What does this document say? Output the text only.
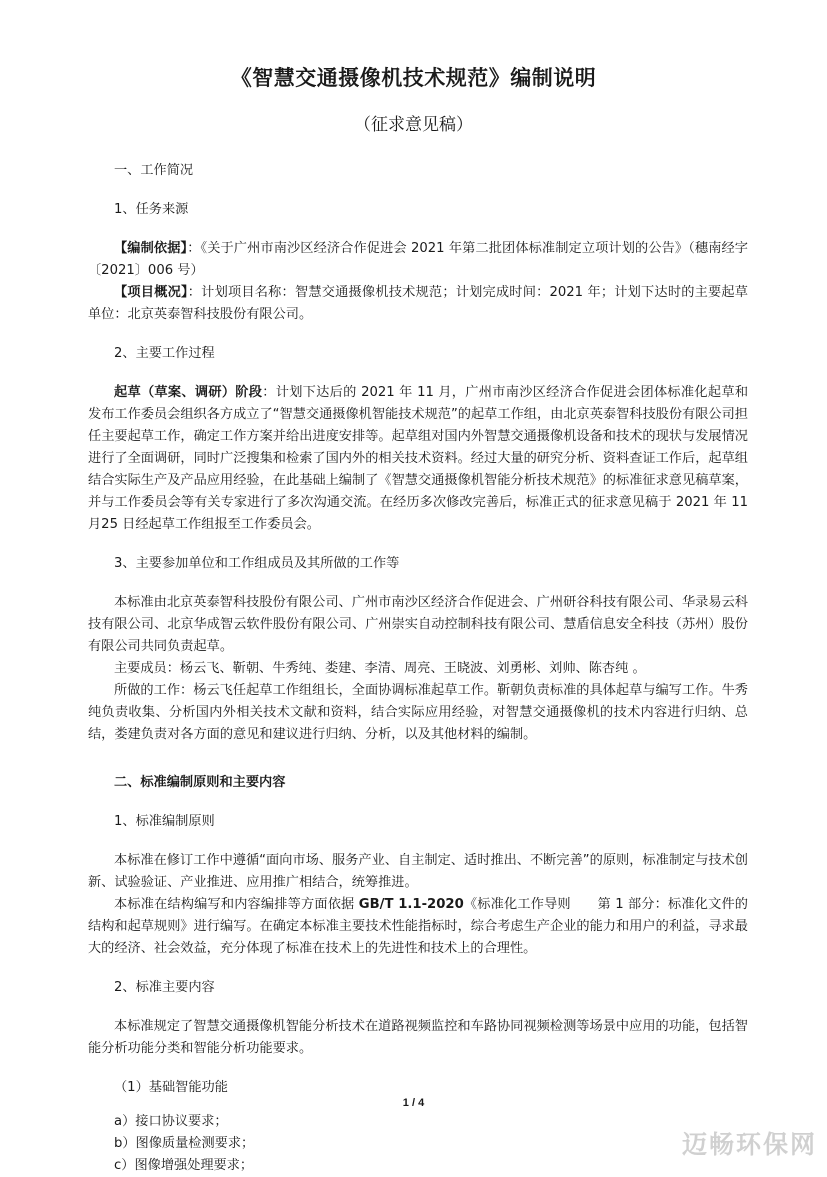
《智慧交通摄像机技术规范》编制说明
（征求意见稿）

一、工作简况

1、任务来源

【编制依据】：《关于广州市南沙区经济合作促进会 2021 年第二批团体标准制定立项计划的公告》（穗南经字〔2021〕006 号）

【项目概况】：计划项目名称：智慧交通摄像机技术规范；计划完成时间：2021 年；计划下达时的主要起草单位：北京英泰智科技股份有限公司。

2、主要工作过程

起草（草案、调研）阶段：计划下达后的 2021 年 11 月，广州市南沙区经济合作促进会团体标准化起草和发布工作委员会组织各方成立了“智慧交通摄像机智能技术规范”的起草工作组，由北京英泰智科技股份有限公司担任主要起草工作，确定工作方案并给出进度安排等。起草组对国内外智慧交通摄像机设备和技术的现状与发展情况进行了全面调研，同时广泛搜集和检索了国内外的相关技术资料。经过大量的研究分析、资料查证工作后，起草组结合实际生产及产品应用经验，在此基础上编制了《智慧交通摄像机智能分析技术规范》的标准征求意见稿草案，并与工作委员会等有关专家进行了多次沟通交流。在经历多次修改完善后，标准正式的征求意见稿于 2021 年 11 月25 日经起草工作组报至工作委员会。

3、主要参加单位和工作组成员及其所做的工作等

本标准由北京英泰智科技股份有限公司、广州市南沙区经济合作促进会、广州研谷科技有限公司、华录易云科技有限公司、北京华成智云软件股份有限公司、广州崇实自动控制科技有限公司、慧盾信息安全科技（苏州）股份有限公司共同负责起草。

主要成员：杨云飞、靳朝、牛秀纯、娄建、李清、周亮、王晓波、刘勇彬、刘帅、陈杏纯 。

所做的工作：杨云飞任起草工作组组长，全面协调标准起草工作。靳朝负责标准的具体起草与编写工作。牛秀纯负责收集、分析国内外相关技术文献和资料，结合实际应用经验，对智慧交通摄像机的技术内容进行归纳、总结，娄建负责对各方面的意见和建议进行归纳、分析，以及其他材料的编制。

二、标准编制原则和主要内容

1、标准编制原则

本标准在修订工作中遵循“面向市场、服务产业、自主制定、适时推出、不断完善”的原则，标准制定与技术创新、试验验证、产业推进、应用推广相结合，统筹推进。

本标准在结构编写和内容编排等方面依据 GB/T 1.1-2020《标准化工作导则　　第 1 部分：标准化文件的结构和起草规则》进行编写。在确定本标准主要技术性能指标时，综合考虑生产企业的能力和用户的利益，寻求最大的经济、社会效益，充分体现了标准在技术上的先进性和技术上的合理性。

2、标准主要内容

本标准规定了智慧交通摄像机智能分析技术在道路视频监控和车路协同视频检测等场景中应用的功能，包括智能分析功能分类和智能分析功能要求。

（1）基础智能功能

a）接口协议要求；

b）图像质量检测要求；

c）图像增强处理要求；

1 / 4
迈畅环保网
